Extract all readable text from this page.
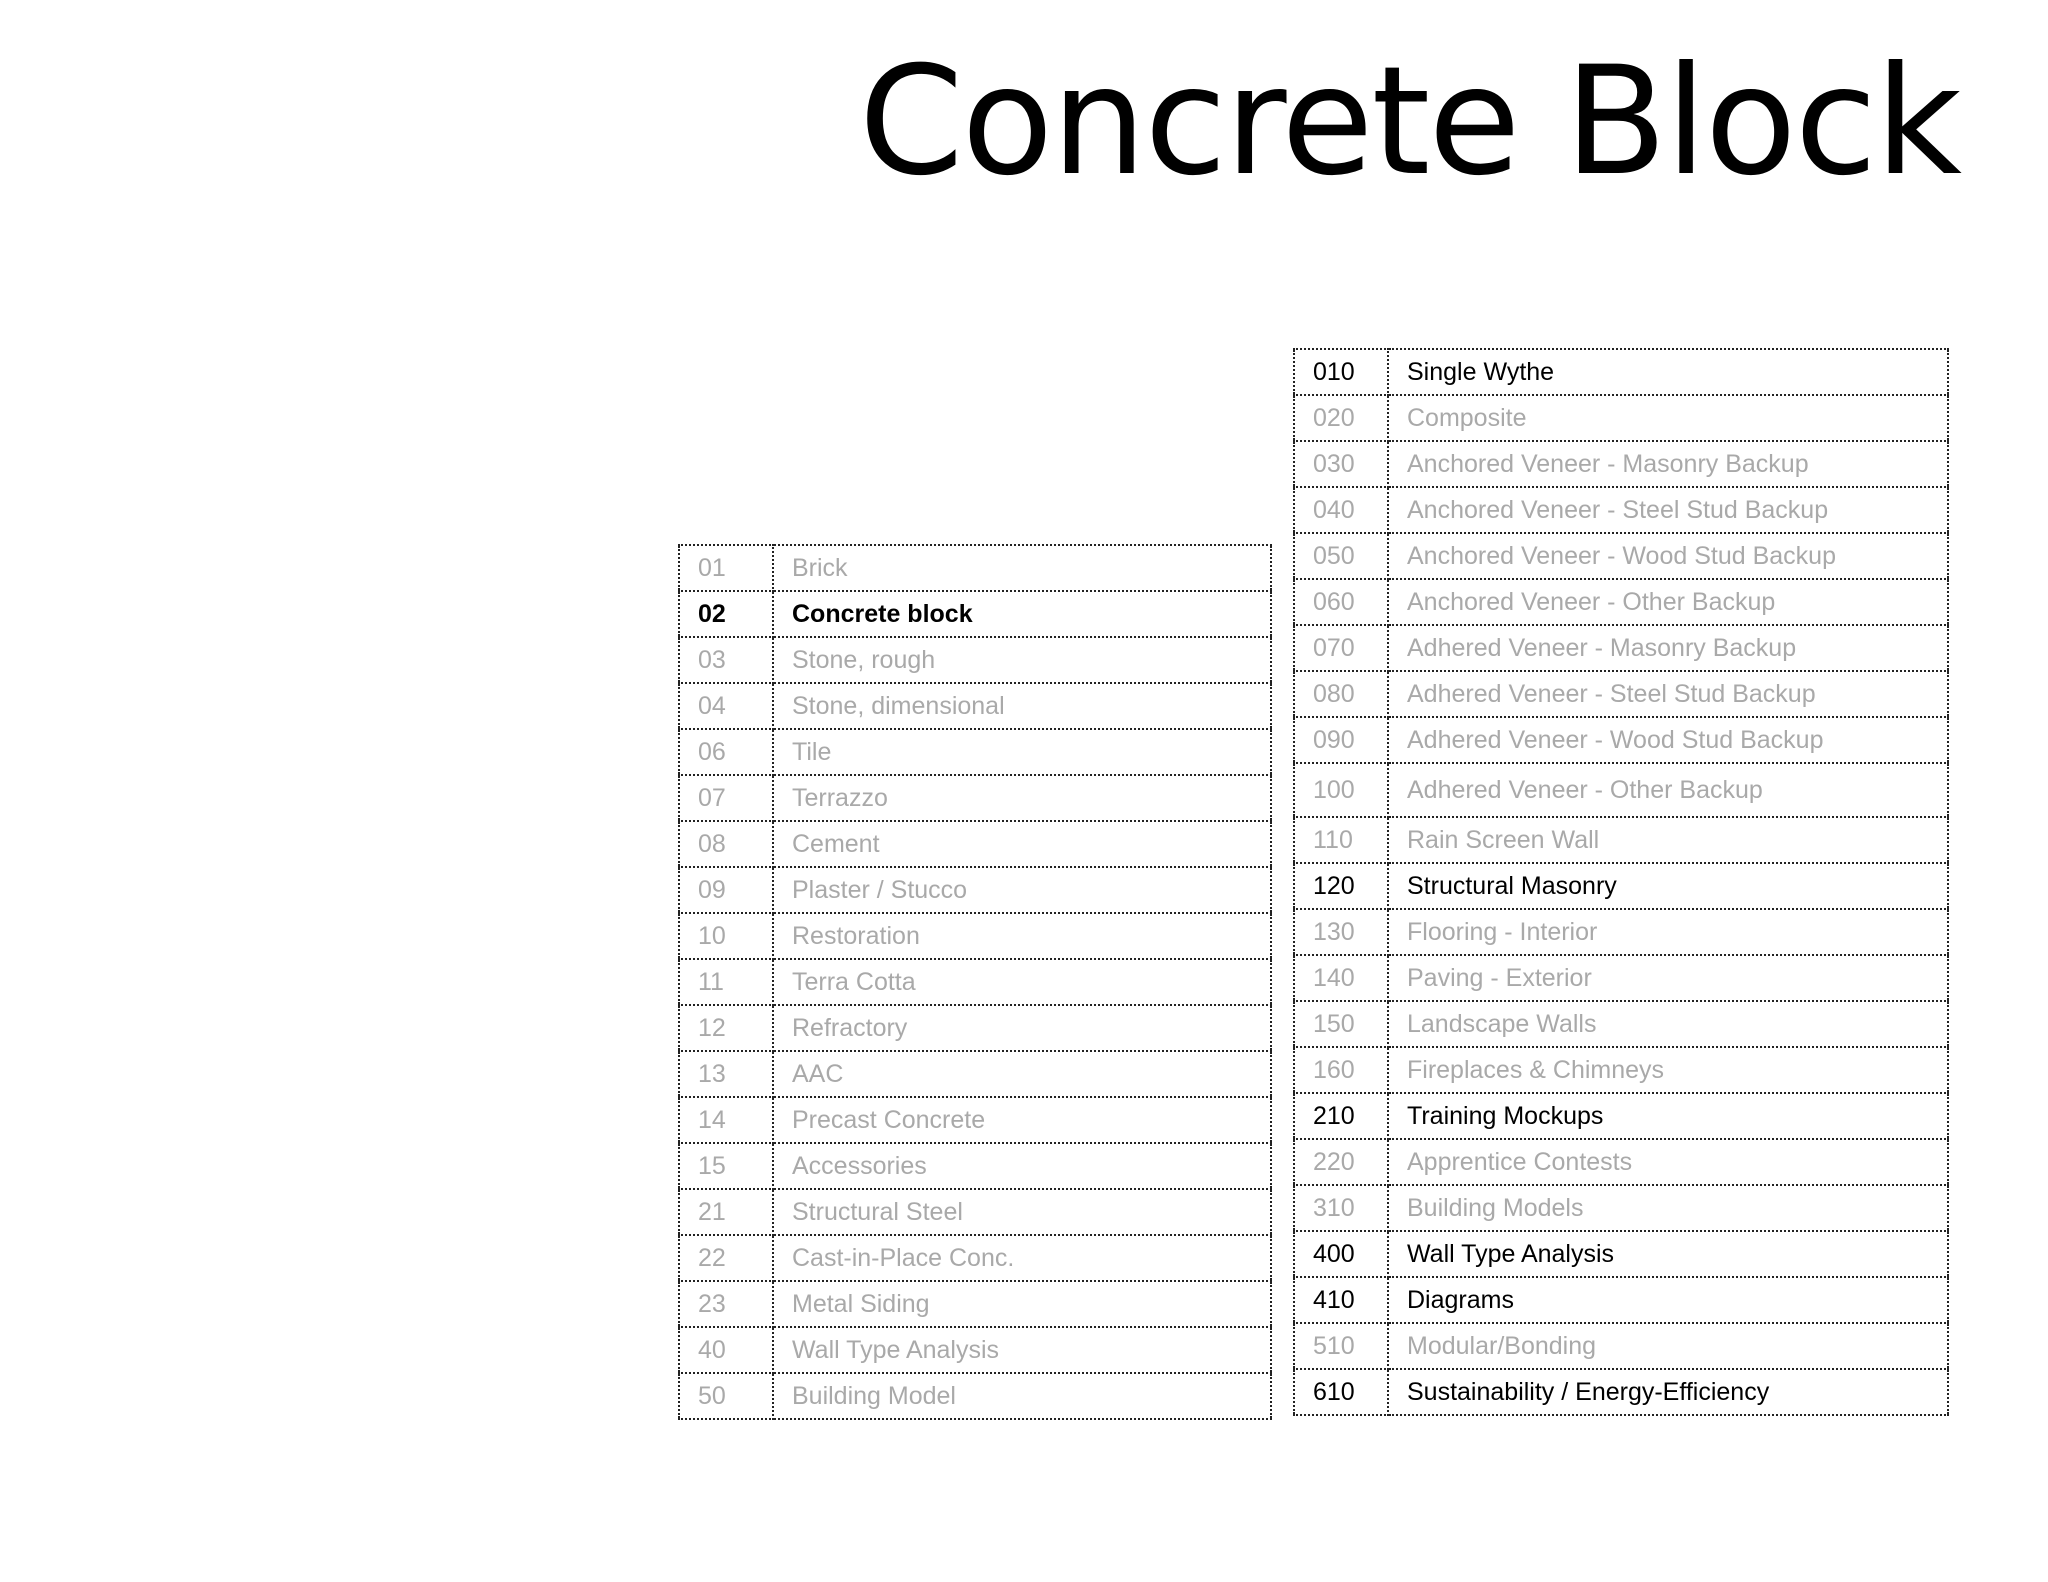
Concrete Block
01	Brick
02	Concrete block
03	Stone, rough
04	Stone, dimensional
06	Tile
07	Terrazzo
08	Cement
09	Plaster / Stucco
10	Restoration
11	Terra Cotta
12	Refractory
13	AAC
14	Precast Concrete
15	Accessories
21	Structural Steel
22	Cast-in-Place Conc.
23	Metal Siding
40	Wall Type Analysis
50	Building Model
010	Single Wythe
020	Composite
030	Anchored Veneer - Masonry Backup
040	Anchored Veneer - Steel Stud Backup
050	Anchored Veneer - Wood Stud Backup
060	Anchored Veneer - Other Backup
070	Adhered Veneer - Masonry Backup
080	Adhered Veneer - Steel Stud Backup
090	Adhered Veneer - Wood Stud Backup
100	Adhered Veneer - Other Backup
110	Rain Screen Wall
120	Structural Masonry
130	Flooring - Interior
140	Paving - Exterior
150	Landscape Walls
160	Fireplaces & Chimneys
210	Training Mockups
220	Apprentice Contests
310	Building Models
400	Wall Type Analysis
410	Diagrams
510	Modular/Bonding
610	Sustainability / Energy-Efficiency
